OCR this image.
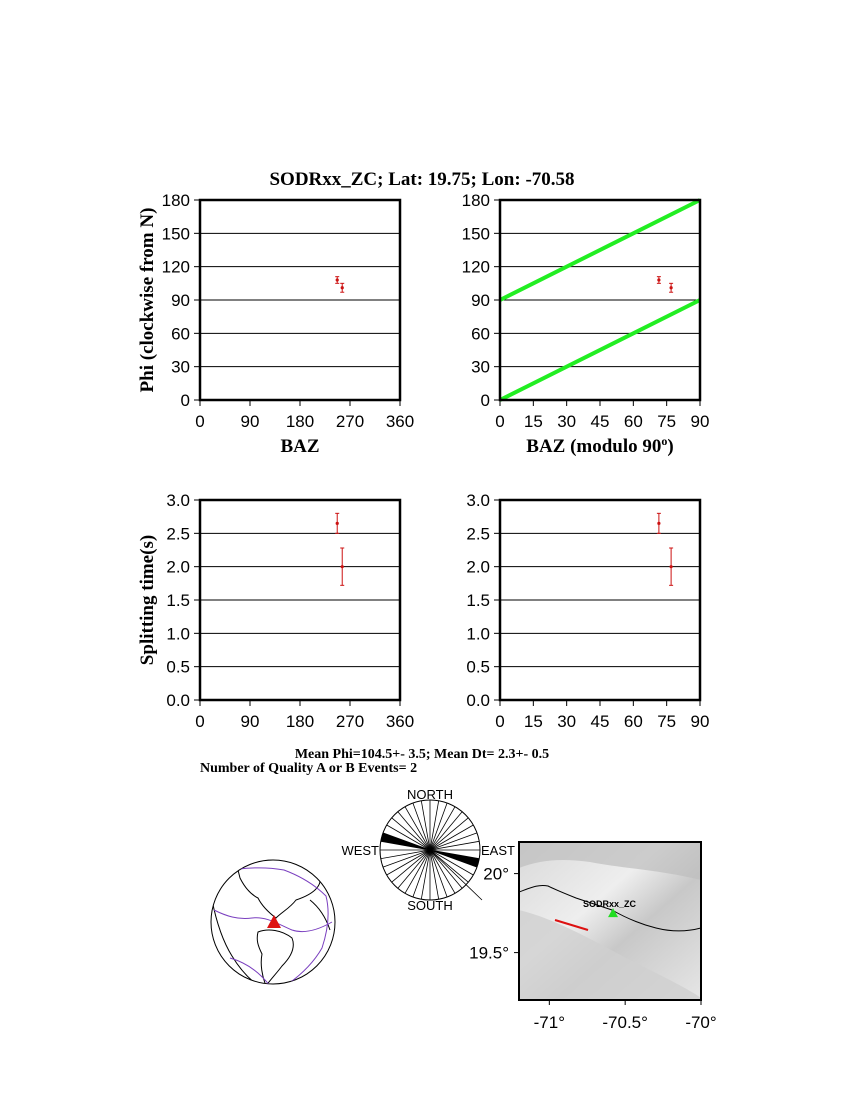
SODRxx_ZC; Lat: 19.75; Lon: -70.58
0 90 180 270 360
0
30
60
90
120
150
180
BAZ
Phi (clockwise from N)
0 15 30 45 60 75 90
0
30
60
90
120
150
180
BAZ (modulo 90$^o$)
0 90 180 270 360
0.0
0.5
1.0
1.5
2.0
2.5
3.0
Splitting time(s)
0 15 30 45 60 75 90
0.0
0.5
1.0
1.5
2.0
2.5
3.0
Mean Phi=104.5+- 3.5; Mean Dt= 2.3+- 0.5
Number of Quality A or B Events= 2
NORTH
SOUTH
EAST
WEST
SODRxx_ZC
-71° -70.5° -70°
20°
19.5°
